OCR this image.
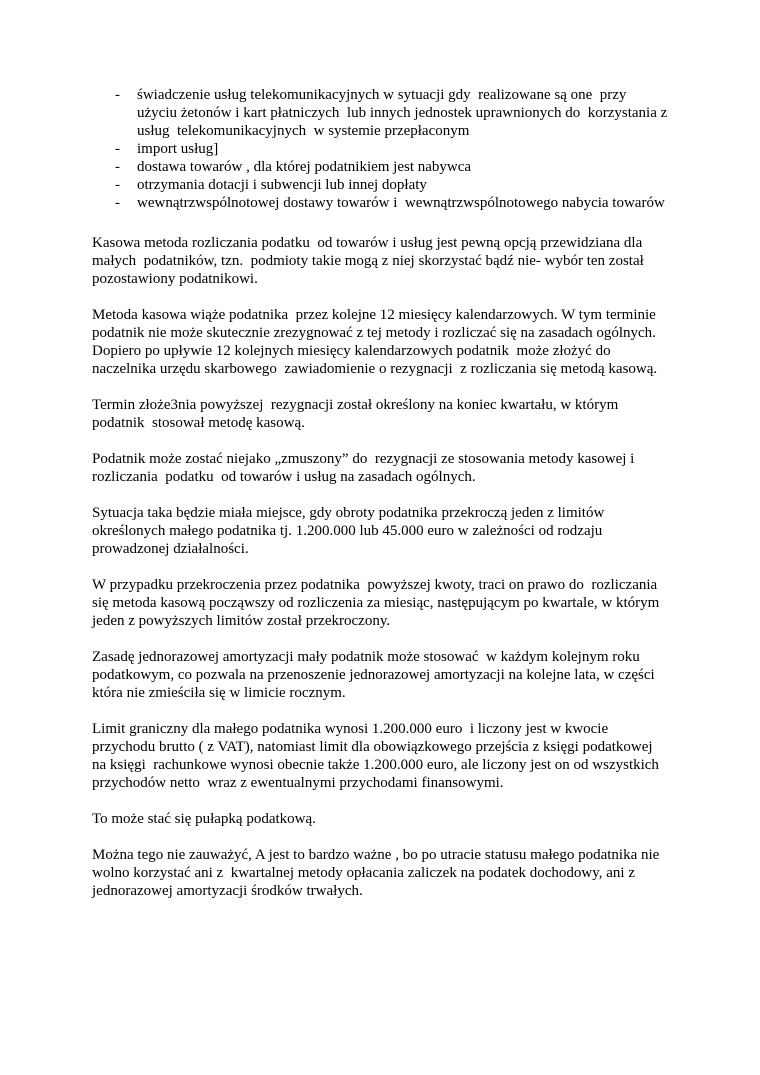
- świadczenie usług telekomunikacyjnych w sytuacji gdy  realizowane są one  przy użyciu żetonów i kart płatniczych  lub innych jednostek uprawnionych do  korzystania z usług  telekomunikacyjnych  w systemie przepłaconym
- import usług]
- dostawa towarów , dla której podatnikiem jest nabywca
- otrzymania dotacji i subwencji lub innej dopłaty
- wewnątrzwspólnotowej dostawy towarów i  wewnątrzwspólnotowego nabycia towarów

Kasowa metoda rozliczania podatku  od towarów i usług jest pewną opcją przewidziana dla małych  podatników, tzn.  podmioty takie mogą z niej skorzystać bądź nie- wybór ten został pozostawiony podatnikowi.

Metoda kasowa wiąże podatnika  przez kolejne 12 miesięcy kalendarzowych. W tym terminie podatnik nie może skutecznie zrezygnować z tej metody i rozliczać się na zasadach ogólnych. Dopiero po upływie 12 kolejnych miesięcy kalendarzowych podatnik  może złożyć do naczelnika urzędu skarbowego  zawiadomienie o rezygnacji  z rozliczania się metodą kasową.

Termin złoże3nia powyższej  rezygnacji został określony na koniec kwartału, w którym podatnik  stosował metodę kasową.

Podatnik może zostać niejako „zmuszony” do  rezygnacji ze stosowania metody kasowej i rozliczania  podatku  od towarów i usług na zasadach ogólnych.

Sytuacja taka będzie miała miejsce, gdy obroty podatnika przekroczą jeden z limitów określonych małego podatnika tj. 1.200.000 lub 45.000 euro w zależności od rodzaju prowadzonej działalności.

W przypadku przekroczenia przez podatnika  powyższej kwoty, traci on prawo do  rozliczania się metoda kasową począwszy od rozliczenia za miesiąc, następującym po kwartale, w którym jeden z powyższych limitów został przekroczony.

Zasadę jednorazowej amortyzacji mały podatnik może stosować  w każdym kolejnym roku podatkowym, co pozwala na przenoszenie jednorazowej amortyzacji na kolejne lata, w części która nie zmieściła się w limicie rocznym.

Limit graniczny dla małego podatnika wynosi 1.200.000 euro  i liczony jest w kwocie przychodu brutto ( z VAT), natomiast limit dla obowiązkowego przejścia z księgi podatkowej na księgi  rachunkowe wynosi obecnie także 1.200.000 euro, ale liczony jest on od wszystkich przychodów netto  wraz z ewentualnymi przychodami finansowymi.

To może stać się pułapką podatkową.

Można tego nie zauważyć, A jest to bardzo ważne , bo po utracie statusu małego podatnika nie wolno korzystać ani z  kwartalnej metody opłacania zaliczek na podatek dochodowy, ani z jednorazowej amortyzacji środków trwałych.
